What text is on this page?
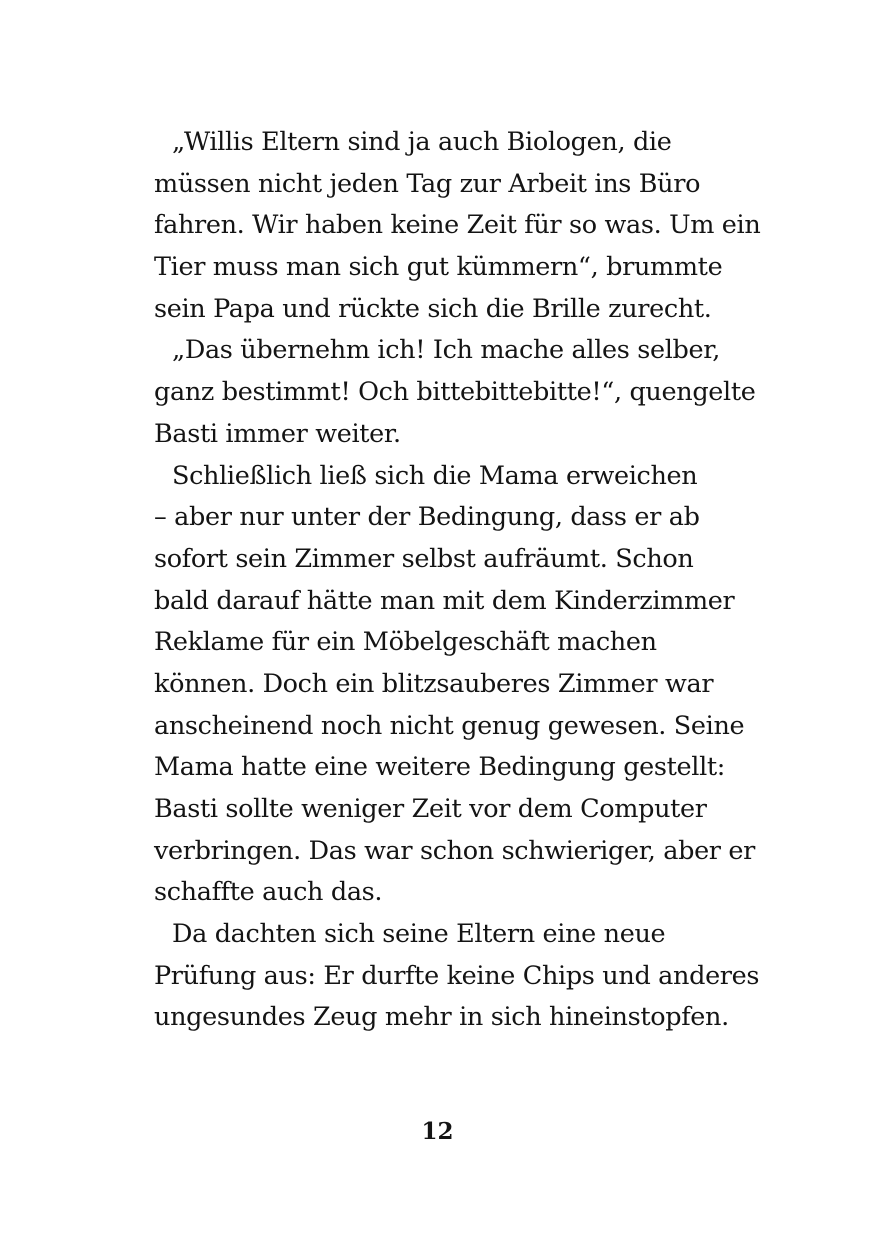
„Willis Eltern sind ja auch Biologen, die
müssen nicht jeden Tag zur Arbeit ins Büro
fahren. Wir haben keine Zeit für so was. Um ein
Tier muss man sich gut kümmern“, brummte
sein Papa und rückte sich die Brille zurecht.
„Das übernehm ich! Ich mache alles selber,
ganz bestimmt! Och bittebittebitte!“, quengelte
Basti immer weiter.
Schließlich ließ sich die Mama erweichen
– aber nur unter der Bedingung, dass er ab
sofort sein Zimmer selbst aufräumt. Schon
bald darauf hätte man mit dem Kinderzimmer
Reklame für ein Möbelgeschäft machen
können. Doch ein blitzsauberes Zimmer war
anscheinend noch nicht genug gewesen. Seine
Mama hatte eine weitere Bedingung gestellt:
Basti sollte weniger Zeit vor dem Computer
verbringen. Das war schon schwieriger, aber er
schaffte auch das.
Da dachten sich seine Eltern eine neue
Prüfung aus: Er durfte keine Chips und anderes
ungesundes Zeug mehr in sich hineinstopfen.
12
